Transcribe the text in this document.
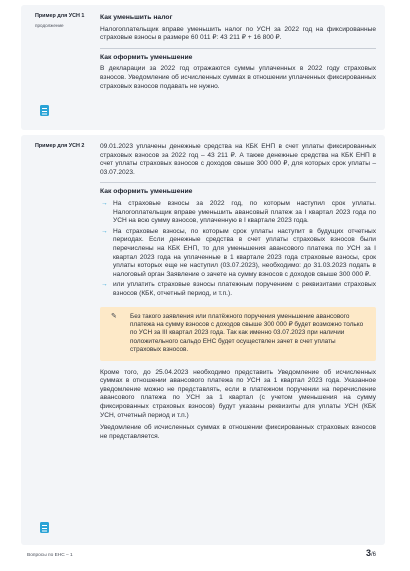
Пример для УСН 1
продолжение
Как уменьшить налог
Налогоплательщик вправе уменьшить налог по УСН за 2022 год на фиксированные страховые взносы в размере 60 011 ₽: 43 211 ₽ + 16 800 ₽.
Как оформить уменьшение
В декларации за 2022 год отражаются суммы уплаченных в 2022 году страховых взносов. Уведомление об исчисленных суммах в отношении уплаченных фиксированных страховых взносов подавать не нужно.
Пример для УСН 2 09.01.2023 уплачены денежные средства на КБК ЕНП в счет уплаты фиксированных страховых взносов за 2022 год – 43 211 ₽. А также денежные средства на КБК ЕНП в счет уплаты страховых взносов с доходов свыше 300 000 ₽, для которых срок уплаты – 03.07.2023.
Как оформить уменьшение
→ На страховые взносы за 2022 год, по которым наступил срок уплаты. Налогоплательщик вправе уменьшить авансовый платеж за I квартал 2023 года по УСН на всю сумму взносов, уплаченную в I квартале 2023 года.
→ На страховые взносы, по которым срок уплаты наступит в будущих отчетных периодах. Если денежные средства в счет уплаты страховых взносов были перечислены на КБК ЕНП, то для уменьшения авансового платежа по УСН за I квартал 2023 года на уплаченные в 1 квартале 2023 года страховые взносы, срок уплаты которых еще не наступил (03.07.2023), необходимо: до 31.03.2023 подать в налоговый орган Заявление о зачете на сумму взносов с доходов свыше 300 000 ₽.
→ или уплатить страховые взносы платежным поручением с реквизитами страховых взносов (КБК, отчетный период, и т.п.).
✎ Без такого заявления или платёжного поручения уменьшение авансового платежа на сумму взносов с доходов свыше 300 000 ₽ будет возможно только по УСН за III квартал 2023 года. Так как именно 03.07.2023 при наличии положительного сальдо ЕНС будет осуществлен зачет в счет уплаты страховых взносов.
Кроме того, до 25.04.2023 необходимо представить Уведомление об исчисленных суммах в отношении авансового платежа по УСН за 1 квартал 2023 года. Указанное уведомление можно не представлять, если в платежном поручении на перечисление авансового платежа по УСН за 1 квартал (с учетом уменьшения на сумму фиксированных страховых взносов) будут указаны реквизиты для уплаты УСН (КБК УСН, отчетный период и т.п.)
Уведомление об исчисленных суммах в отношении фиксированных страховых взносов не представляется.
Вопросы по ЕНС – 1	3/6
